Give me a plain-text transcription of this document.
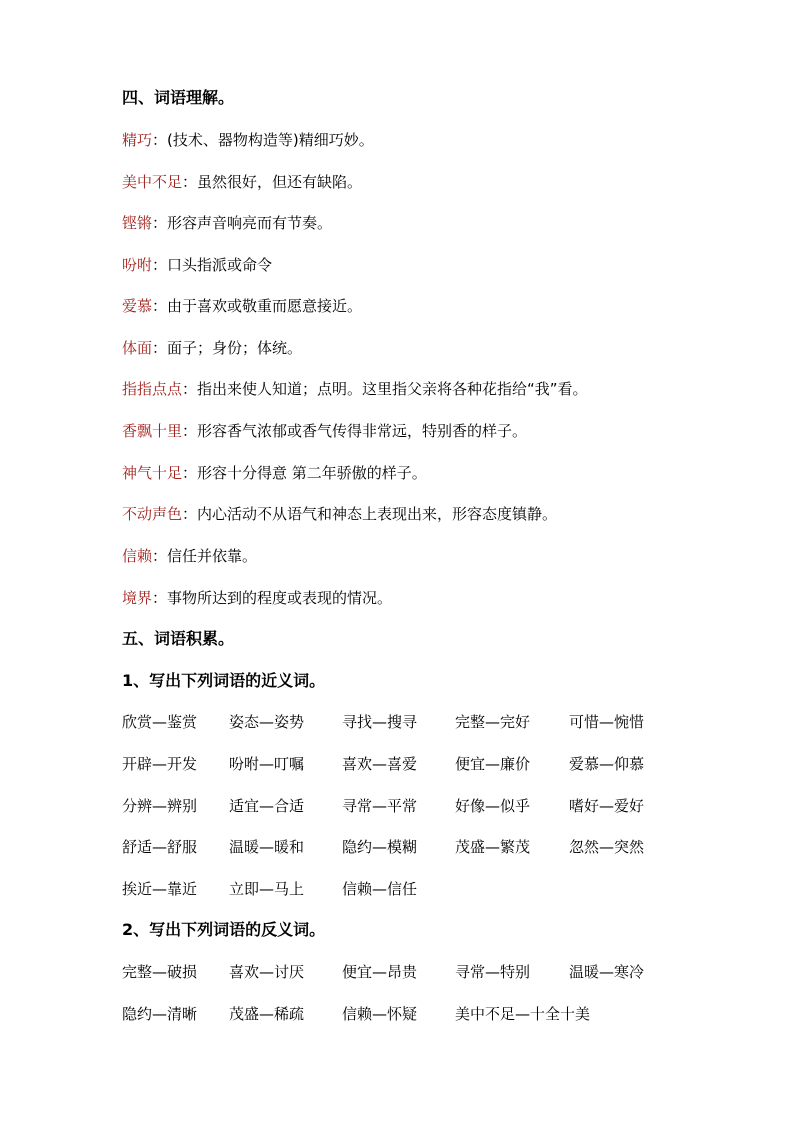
四、词语理解。
精巧：(技术、器物构造等)精细巧妙。
美中不足：虽然很好，但还有缺陷。
铿锵：形容声音响亮而有节奏。
吩咐：口头指派或命令
爱慕：由于喜欢或敬重而愿意接近。
体面：面子；身份；体统。
指指点点：指出来使人知道；点明。这里指父亲将各种花指给“我”看。
香飘十里：形容香气浓郁或香气传得非常远，特别香的样子。
神气十足：形容十分得意 第二年骄傲的样子。
不动声色：内心活动不从语气和神态上表现出来，形容态度镇静。
信赖：信任并依靠。
境界：事物所达到的程度或表现的情况。
五、词语积累。
1、写出下列词语的近义词。
欣赏—鉴赏 姿态—姿势	寻找—搜寻	完整—完好	可惜—惋惜
开辟—开发 吩咐—叮嘱	喜欢—喜爱	便宜—廉价	爱慕—仰慕
分辨—辨别 适宜—合适	寻常—平常	好像—似乎	嗜好—爱好
舒适—舒服 温暖—暖和	隐约—模糊	茂盛—繁茂	忽然—突然
挨近—靠近 立即—马上	信赖—信任
2、写出下列词语的反义词。
完整—破损 喜欢—讨厌	便宜—昂贵	寻常—特别	温暖—寒冷
隐约—清晰 茂盛—稀疏	信赖—怀疑	美中不足—十全十美
